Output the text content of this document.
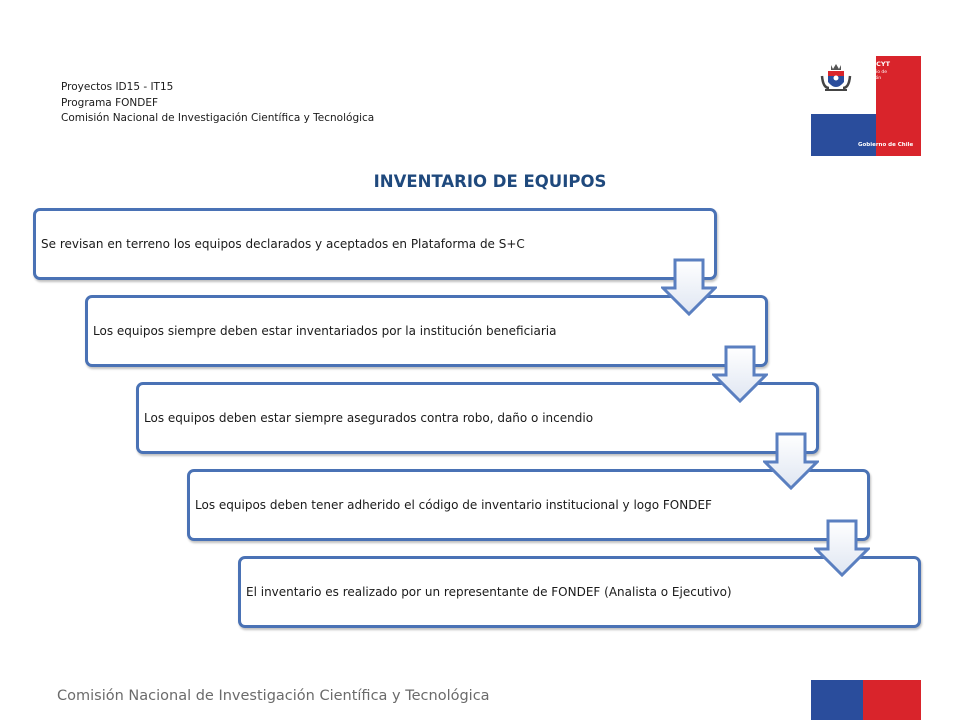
Proyectos ID15 - IT15
Programa FONDEF
Comisión Nacional de Investigación Científica y Tecnológica
CONICYT
Ministerio de
Educación
Gobierno de Chile
INVENTARIO DE EQUIPOS
Se revisan en terreno los equipos declarados y aceptados en Plataforma de S+C
Los equipos siempre deben estar inventariados por la institución beneficiaria
Los equipos deben estar siempre asegurados contra robo, daño o incendio
Los equipos deben tener adherido el código de inventario institucional y logo FONDEF
El inventario es realizado por un representante de FONDEF (Analista o Ejecutivo)
Comisión Nacional de Investigación Científica y Tecnológica
